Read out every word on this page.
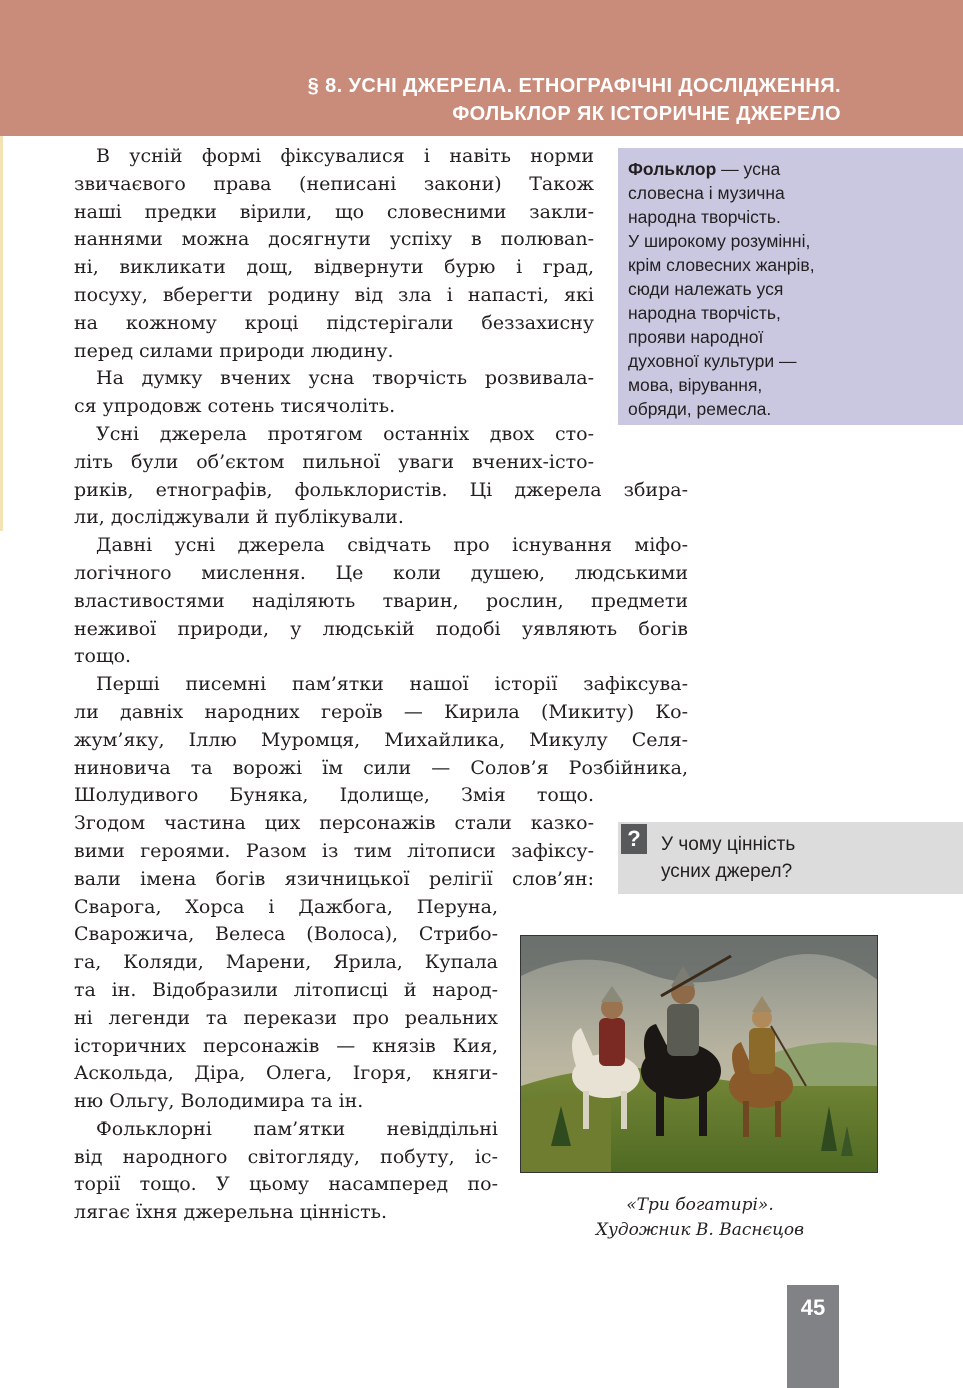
§ 8. УСНІ ДЖЕРЕЛА. ЕТНОГРАФІЧНІ ДОСЛІДЖЕННЯ.

ФОЛЬКЛОР ЯК ІСТОРИЧНЕ ДЖЕРЕЛО

В усній формі фіксувалися і навіть норми
звичаєвого права (неписані закони) Також
наші предки вірили, що словесними закли-
наннями можна досягнути успіху в полювan-
ні, викликати дощ, відвернути бурю і град,
посуху, вберегти родину від зла і напасті, які
на кожному кроці підстерігали беззахисну
перед силами природи людину.
На думку вчених усна творчість розвивала-
ся упродовж сотень тисячоліть.
Усні джерела протягом останніх двох сто-
літь були об’єктом пильної уваги вчених-істо-
риків, етнографів, фольклористів. Ці джерела збира-
ли, досліджували й публікували.
Давні усні джерела свідчать про існування міфо-
логічного мислення. Це коли душею, людськими
властивостями наділяють тварин, рослин, предмети
неживої природи, у людській подобі уявляють богів
тощо.
Перші писемні пам’ятки нашої історії зафіксува-
ли давніх народних героїв — Кирила (Микиту) Ко-
жум’яку, Іллю Муромця, Михайлика, Микулу Селя-
ниновича та ворожі їм сили — Солов’я Розбійника,
Шолудивого Буняка, Ідолище, Змія тощо.
Згодом частина цих персонажів стали казко-
вими героями. Разом із тим літописи зафіксу-
вали імена богів язичницької релігії слов’ян:
Сварога, Хорса і Дажбога, Перуна,
Сварожича, Велеса (Волоса), Стрибо-
га, Коляди, Марени, Ярила, Купала
та ін. Відобразили літописці й народ-
ні легенди та перекази про реальних
історичних персонажів — князів Кия,
Аскольда, Діра, Олега, Ігоря, княги-
ню Ольгу, Володимира та ін.
Фольклорні пам’ятки невіддільні
від народного світогляду, побуту, іс-
торії тощо. У цьому насамперед по-
лягає їхня джерельна цінність.
Фольклор — усна
словесна і музична
народна творчість.
У широкому розумінні,
крім словесних жанрів,
сюди належать уся
народна творчість,
прояви народної
духовної культури —
мова, вірування,
обряди, ремесла.
?	У чому цінність
усних джерел?
«Три богатирі».
Художник В. Васнєцов
45
